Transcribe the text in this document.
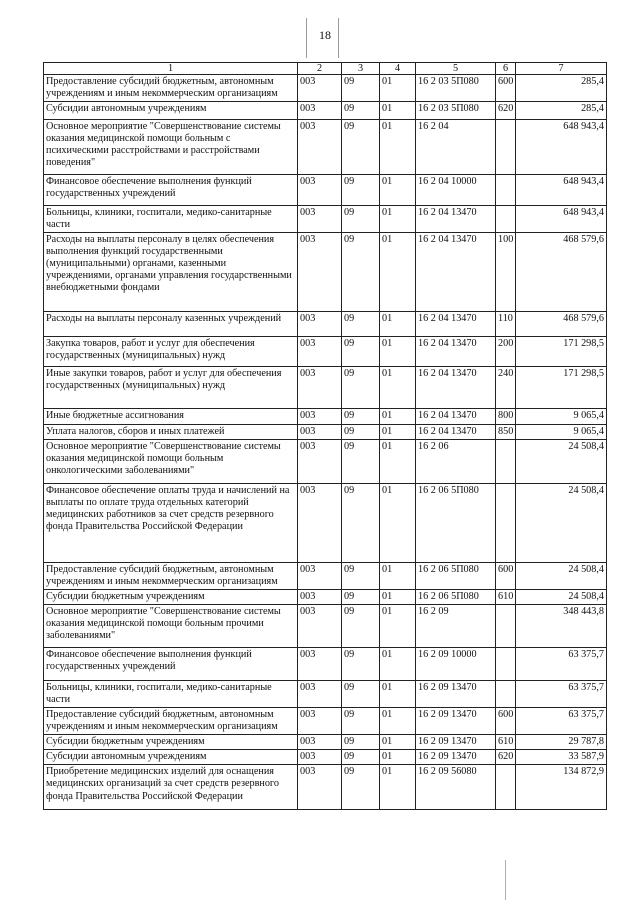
18
1	2	3	4	5	6	7
Предоставление субсидий бюджетным, автономным учреждениям и иным некоммерческим организациям	003	09	01	16 2 03 5П080	600	285,4
Субсидии автономным учреждениям	003	09	01	16 2 03 5П080	620	285,4
Основное мероприятие "Совершенствование системы оказания медицинской помощи больным с психическими расстройствами и расстройствами поведения"	003	09	01	16 2 04		648 943,4
Финансовое обеспечение выполнения функций государственных учреждений	003	09	01	16 2 04 10000		648 943,4
Больницы, клиники, госпитали, медико-санитарные части	003	09	01	16 2 04 13470		648 943,4
Расходы на выплаты персоналу в целях обеспечения выполнения функций государственными (муниципальными) органами, казенными учреждениями, органами управления государственными внебюджетными фондами	003	09	01	16 2 04 13470	100	468 579,6
Расходы на выплаты персоналу казенных учреждений	003	09	01	16 2 04 13470	110	468 579,6
Закупка товаров, работ и услуг для обеспечения государственных (муниципальных) нужд	003	09	01	16 2 04 13470	200	171 298,5
Иные закупки товаров, работ и услуг для обеспечения государственных (муниципальных) нужд	003	09	01	16 2 04 13470	240	171 298,5
Иные бюджетные ассигнования	003	09	01	16 2 04 13470	800	9 065,4
Уплата налогов, сборов и иных платежей	003	09	01	16 2 04 13470	850	9 065,4
Основное мероприятие "Совершенствование системы оказания медицинской помощи больным онкологическими заболеваниями"	003	09	01	16 2 06		24 508,4
Финансовое обеспечение оплаты труда и начислений на выплаты по оплате труда отдельных категорий медицинских работников за счет средств резервного фонда Правительства Российской Федерации	003	09	01	16 2 06 5П080		24 508,4
Предоставление субсидий бюджетным, автономным учреждениям и иным некоммерческим организациям	003	09	01	16 2 06 5П080	600	24 508,4
Субсидии бюджетным учреждениям	003	09	01	16 2 06 5П080	610	24 508,4
Основное мероприятие "Совершенствование системы оказания медицинской помощи больным прочими заболеваниями"	003	09	01	16 2 09		348 443,8
Финансовое обеспечение выполнения функций государственных учреждений	003	09	01	16 2 09 10000		63 375,7
Больницы, клиники, госпитали, медико-санитарные части	003	09	01	16 2 09 13470		63 375,7
Предоставление субсидий бюджетным, автономным учреждениям и иным некоммерческим организациям	003	09	01	16 2 09 13470	600	63 375,7
Субсидии бюджетным учреждениям	003	09	01	16 2 09 13470	610	29 787,8
Субсидии автономным учреждениям	003	09	01	16 2 09 13470	620	33 587,9
Приобретение медицинских изделий для оснащения медицинских организаций за счет средств резервного фонда Правительства Российской Федерации	003	09	01	16 2 09 56080		134 872,9
